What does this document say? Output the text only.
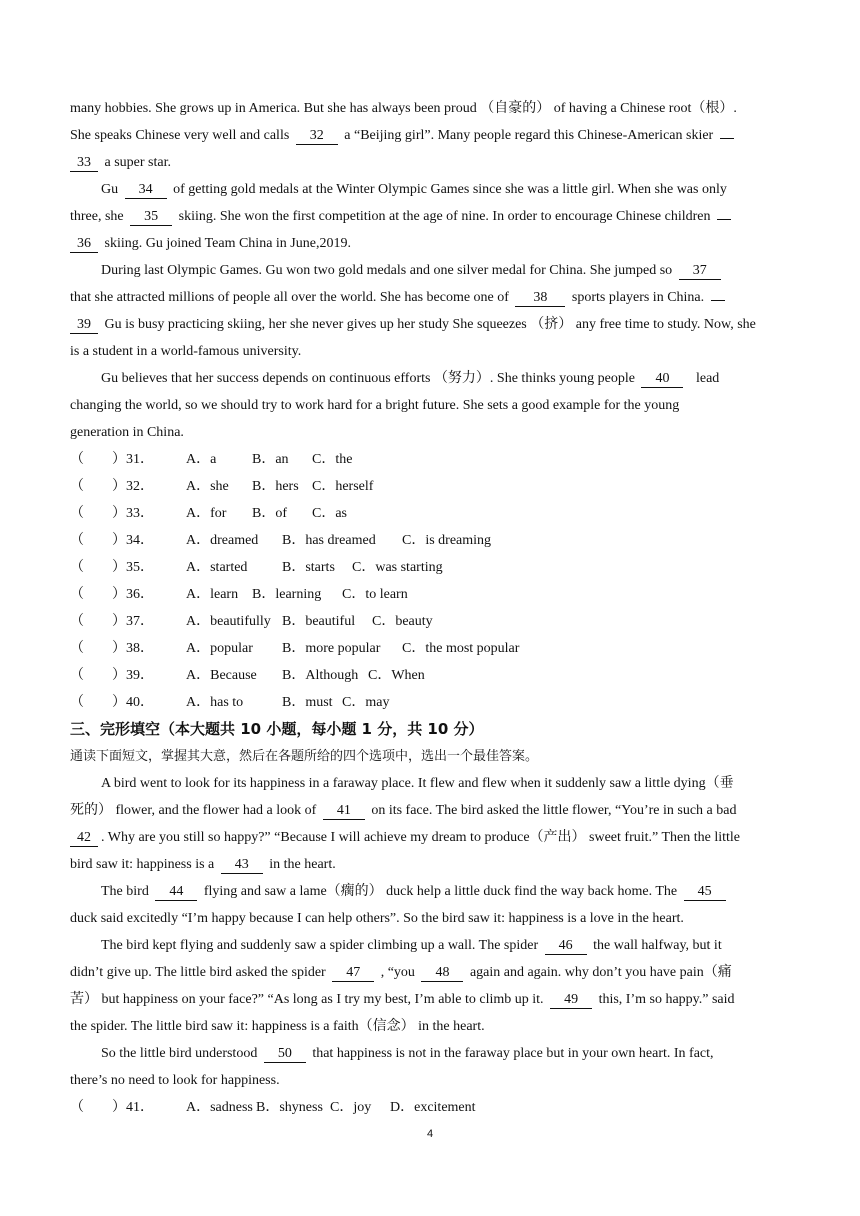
many hobbies. She grows up in America. But she has always been proud （自豪的） of having a Chinese root（根）.
She speaks Chinese very well and calls 32 a “Beijing girl”. Many people regard this Chinese-American skier
33 a super star.
Gu 34 of getting gold medals at the Winter Olympic Games since she was a little girl. When she was only
three, she 35 skiing. She won the first competition at the age of nine. In order to encourage Chinese children
36 skiing. Gu joined Team China in June,2019.
During last Olympic Games. Gu won two gold medals and one silver medal for China. She jumped so 37
that she attracted millions of people all over the world. She has become one of 38 sports players in China.
39 Gu is busy practicing skiing, her she never gives up her study She squeezes （挤） any free time to study. Now, she
is a student in a world-famous university.
Gu believes that her success depends on continuous efforts （努力）. She thinks young people 40 lead
changing the world, so we should try to work hard for a bright future. She sets a good example for the young
generation in China.
（　　）31． A．a	B．an C．the
（　　）32． A．she B．hers C．herself
（　　）33． A．for B．of C．as
（　　）34． A．dreamed B．has dreamed C．is dreaming
（　　）35． A．started B．starts C．was starting
（　　）36． A．learn B．learning C．to learn
（　　）37． A．beautifully B．beautiful C．beauty
（　　）38． A．popular B．more popular C．the most popular
（　　）39． A．Because B．Although C．When
（　　）40． A．has to	B．must C．may
三、完形填空（本大题共 10 小题，每小题 1 分，共 10 分）
通读下面短文，掌握其大意，然后在各题所给的四个选项中，选出一个最佳答案。
A bird went to look for its happiness in a faraway place. It flew and flew when it suddenly saw a little dying（垂
死的） flower, and the flower had a look of 41 on its face. The bird asked the little flower, “You’re in such a bad
42 . Why are you still so happy?” “Because I will achieve my dream to produce（产出） sweet fruit.” Then the little
bird saw it: happiness is a 43 in the heart.
The bird 44 flying and saw a lame（瘸的） duck help a little duck find the way back home. The 45
duck said excitedly “I’m happy because I can help others”. So the bird saw it: happiness is a love in the heart.
The bird kept flying and suddenly saw a spider climbing up a wall. The spider 46 the wall halfway, but it
didn’t give up. The little bird asked the spider 47 , “you 48 again and again. why don’t you have pain（痛
苦） but happiness on your face?” “As long as I try my best, I’m able to climb up it. 49 this, I’m so happy.” said
the spider. The little bird saw it: happiness is a faith（信念） in the heart.
So the little bird understood 50 that happiness is not in the faraway place but in your own heart. In fact,
there’s no need to look for happiness.
（　　）41． A．sadness B．shyness C．joy D．excitement
4
